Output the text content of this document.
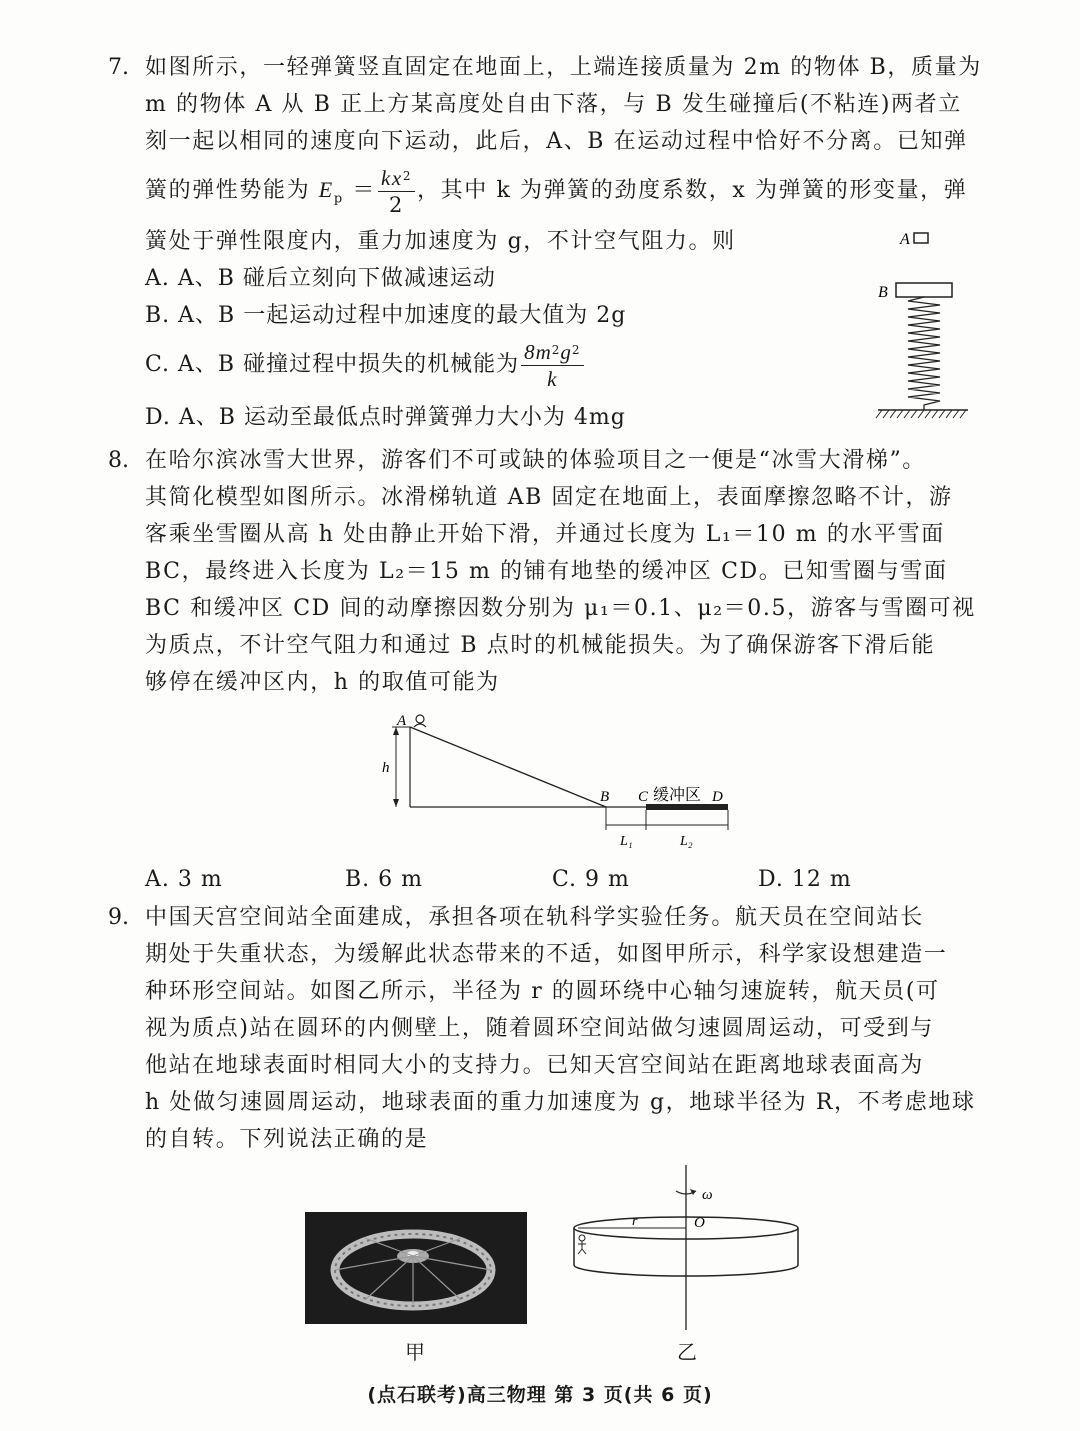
7. 如图所示，一轻弹簧竖直固定在地面上，上端连接质量为 2m 的物体 B，质量为
m 的物体 A 从 B 正上方某高度处自由下落，与 B 发生碰撞后(不粘连)两者立
刻一起以相同的速度向下运动，此后，A、B 在运动过程中恰好不分离。已知弹
簧的弹性势能为 $E_p = \frac{kx^2}{2}$ ，其中 k 为弹簧的劲度系数，x 为弹簧的形变量，弹
簧处于弹性限度内，重力加速度为 g，不计空气阻力。则
A. A、B 碰后立刻向下做减速运动
B. A、B 一起运动过程中加速度的最大值为 2g
C. A、B 碰撞过程中损失的机械能为 $\frac{8m^2g^2}{k}$
D. A、B 运动至最低点时弹簧弹力大小为 4mg
A
B
8. 在哈尔滨冰雪大世界，游客们不可或缺的体验项目之一便是“冰雪大滑梯”。
其简化模型如图所示。冰滑梯轨道 AB 固定在地面上，表面摩擦忽略不计，游
客乘坐雪圈从高 h 处由静止开始下滑，并通过长度为 L₁＝10 m 的水平雪面
BC，最终进入长度为 L₂＝15 m 的铺有地垫的缓冲区 CD。已知雪圈与雪面
BC 和缓冲区 CD 间的动摩擦因数分别为 μ₁＝0.1、μ₂＝0.5，游客与雪圈可视
为质点，不计空气阻力和通过 B 点时的机械能损失。为了确保游客下滑后能
够停在缓冲区内，h 的取值可能为
A
h
B C 缓冲区 D
L₁	L₂
A. 3 m	B. 6 m	C. 9 m	D. 12 m
9. 中国天宫空间站全面建成，承担各项在轨科学实验任务。航天员在空间站长
期处于失重状态，为缓解此状态带来的不适，如图甲所示，科学家设想建造一
种环形空间站。如图乙所示，半径为 r 的圆环绕中心轴匀速旋转，航天员(可
视为质点)站在圆环的内侧壁上，随着圆环空间站做匀速圆周运动，可受到与
他站在地球表面时相同大小的支持力。已知天宫空间站在距离地球表面高为
h 处做匀速圆周运动，地球表面的重力加速度为 g，地球半径为 R，不考虑地球
的自转。下列说法正确的是
甲
ω
r	O
乙
(点石联考)高三物理 第 3 页(共 6 页)
